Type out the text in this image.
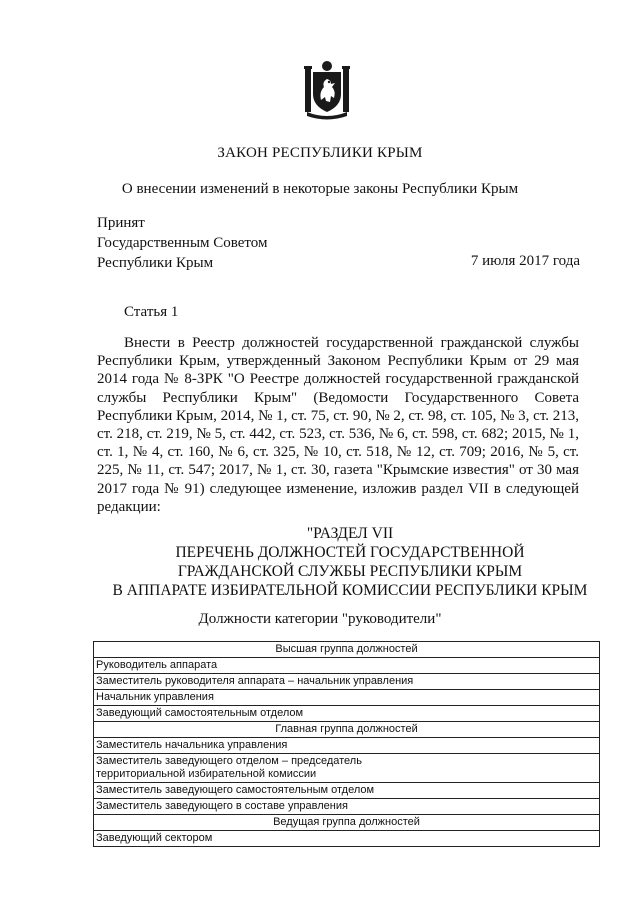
ЗАКОН РЕСПУБЛИКИ КРЫМ
О внесении изменений в некоторые законы Республики Крым
Принят
Государственным Советом
Республики Крым	7 июля 2017 года
Статья 1
Внести в Реестр должностей государственной гражданской службы Республики Крым, утвержденный Законом Республики Крым от 29 мая 2014 года № 8-ЗРК "О Реестре должностей государственной гражданской службы Республики Крым" (Ведомости Государственного Совета Республики Крым, 2014, № 1, ст. 75, ст. 90, № 2, ст. 98, ст. 105, № 3, ст. 213, ст. 218, ст. 219, № 5, ст. 442, ст. 523, ст. 536, № 6, ст. 598, ст. 682; 2015, № 1, ст. 1, № 4, ст. 160, № 6, ст. 325, № 10, ст. 518, № 12, ст. 709; 2016, № 5, ст. 225, № 11, ст. 547; 2017, № 1, ст. 30, газета "Крымские известия" от 30 мая 2017 года № 91) следующее изменение, изложив раздел VII в следующей редакции:
"РАЗДЕЛ VII
ПЕРЕЧЕНЬ ДОЛЖНОСТЕЙ ГОСУДАРСТВЕННОЙ
ГРАЖДАНСКОЙ СЛУЖБЫ РЕСПУБЛИКИ КРЫМ
В АППАРАТЕ ИЗБИРАТЕЛЬНОЙ КОМИССИИ РЕСПУБЛИКИ КРЫМ
Должности категории "руководители"
Высшая группа должностей
Руководитель аппарата
Заместитель руководителя аппарата – начальник управления
Начальник управления
Заведующий самостоятельным отделом
Главная группа должностей
Заместитель начальника управления
Заместитель заведующего отделом – председатель территориальной избирательной комиссии
Заместитель заведующего самостоятельным отделом
Заместитель заведующего в составе управления
Ведущая группа должностей
Заведующий сектором
